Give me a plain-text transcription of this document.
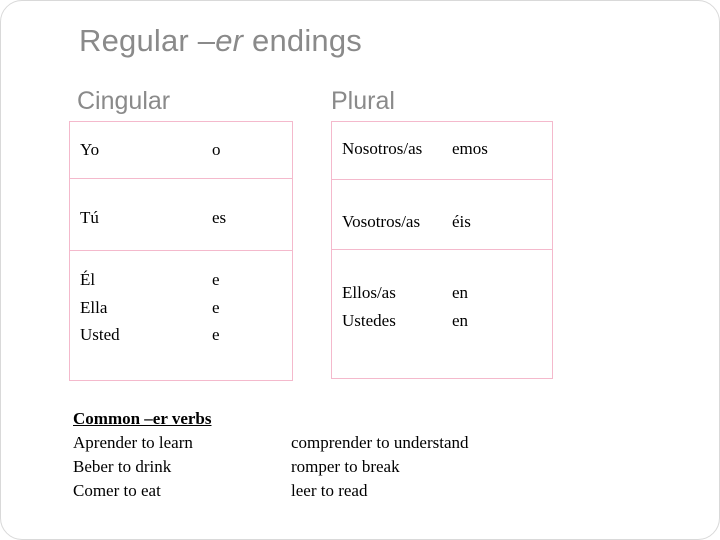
Regular –er endings
Cingular	Plural
Yo	o
Tú	es
Él	e
Ella	e
Usted	e
Nosotros/as emos
Vosotros/as éis
Ellos/as	en
Ustedes	en
Common –er verbs
Aprender to learn	comprender to understand
Beber to drink	romper to break
Comer to eat	leer to read
